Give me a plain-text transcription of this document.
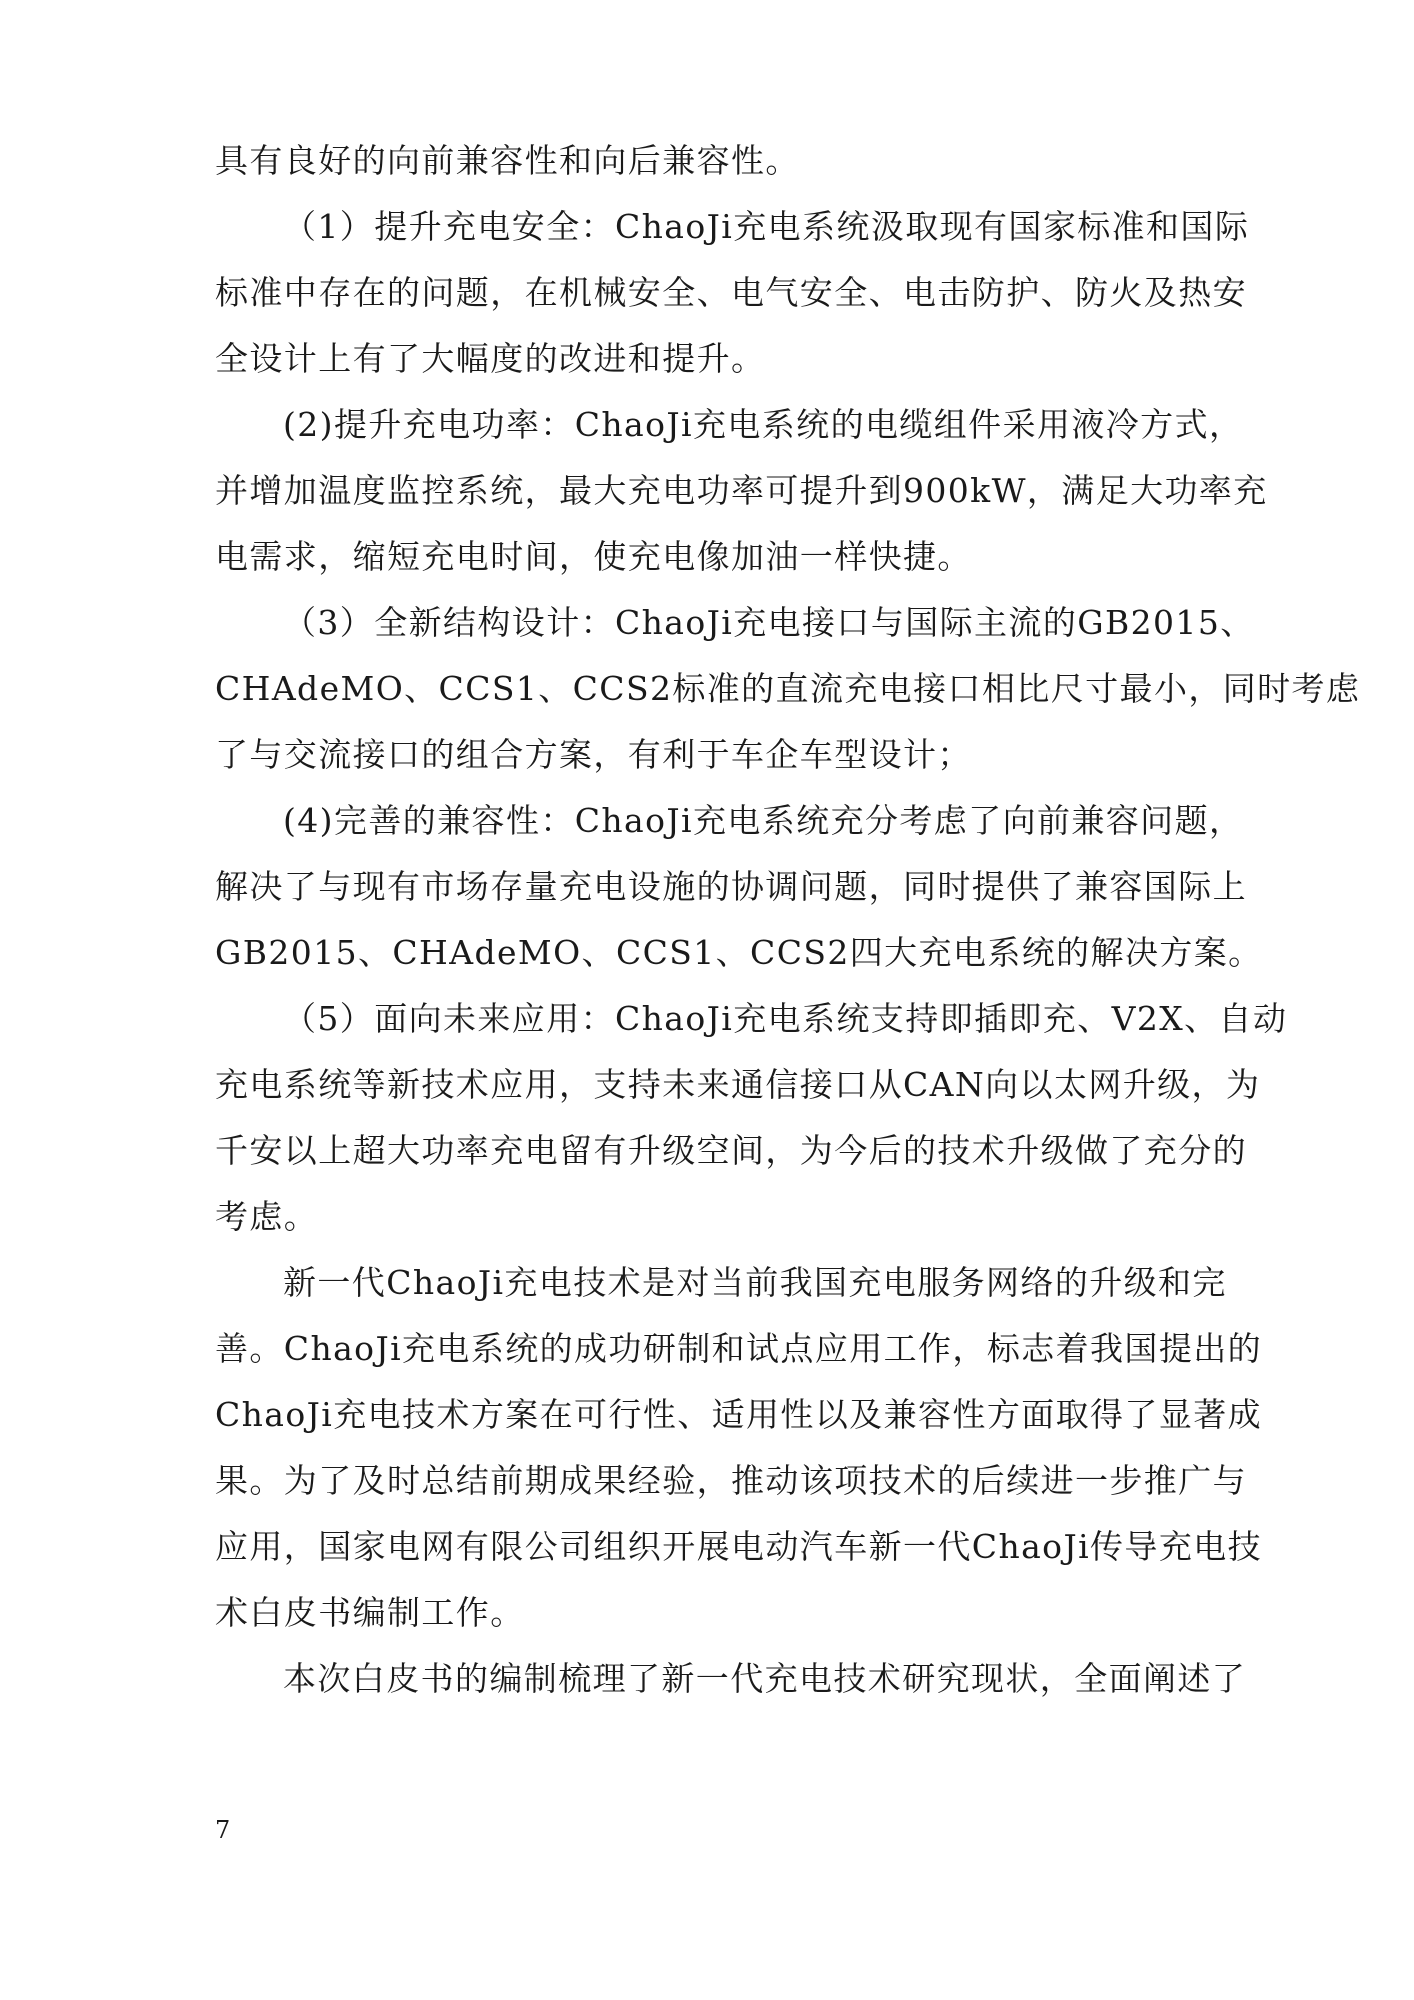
具有良好的向前兼容性和向后兼容性。
（1）提升充电安全：ChaoJi充电系统汲取现有国家标准和国际
标准中存在的问题，在机械安全、电气安全、电击防护、防火及热安
全设计上有了大幅度的改进和提升。
(2)提升充电功率：ChaoJi充电系统的电缆组件采用液冷方式，
并增加温度监控系统，最大充电功率可提升到900kW，满足大功率充
电需求，缩短充电时间，使充电像加油一样快捷。
（3）全新结构设计：ChaoJi充电接口与国际主流的GB2015、
CHAdeMO、CCS1、CCS2标准的直流充电接口相比尺寸最小，同时考虑
了与交流接口的组合方案，有利于车企车型设计；
(4)完善的兼容性：ChaoJi充电系统充分考虑了向前兼容问题，
解决了与现有市场存量充电设施的协调问题，同时提供了兼容国际上
GB2015、CHAdeMO、CCS1、CCS2四大充电系统的解决方案。
（5）面向未来应用：ChaoJi充电系统支持即插即充、V2X、自动
充电系统等新技术应用，支持未来通信接口从CAN向以太网升级，为
千安以上超大功率充电留有升级空间，为今后的技术升级做了充分的
考虑。
新一代ChaoJi充电技术是对当前我国充电服务网络的升级和完
善。ChaoJi充电系统的成功研制和试点应用工作，标志着我国提出的
ChaoJi充电技术方案在可行性、适用性以及兼容性方面取得了显著成
果。为了及时总结前期成果经验，推动该项技术的后续进一步推广与
应用，国家电网有限公司组织开展电动汽车新一代ChaoJi传导充电技
术白皮书编制工作。
本次白皮书的编制梳理了新一代充电技术研究现状，全面阐述了
7
